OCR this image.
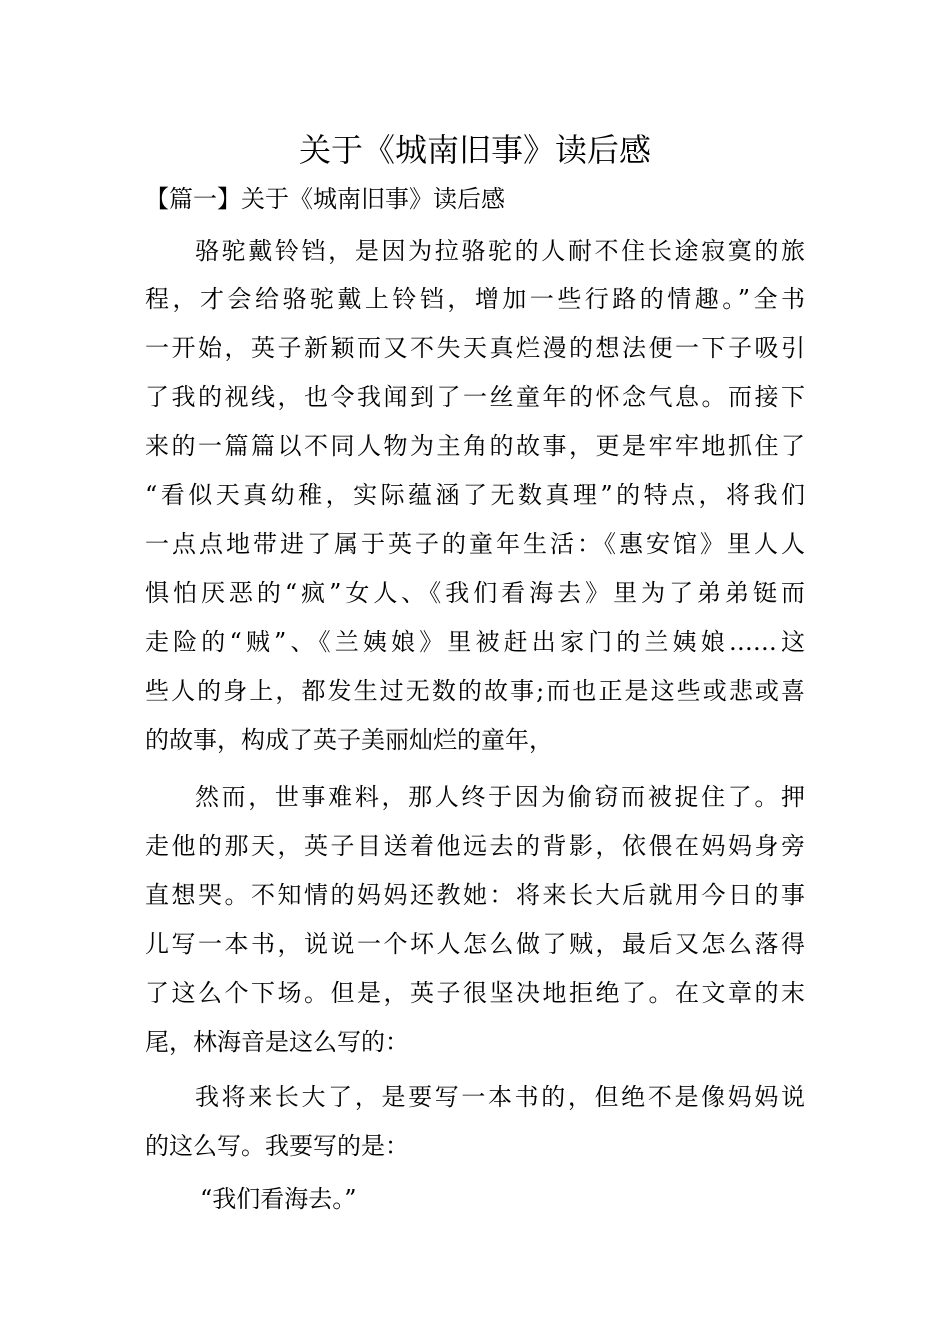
关于《城南旧事》读后感

【篇一】关于《城南旧事》读后感

骆驼戴铃铛，是因为拉骆驼的人耐不住长途寂寞的旅

程，才会给骆驼戴上铃铛，增加一些行路的情趣。”全书

一开始，英子新颖而又不失天真烂漫的想法便一下子吸引

了我的视线，也令我闻到了一丝童年的怀念气息。而接下

来的一篇篇以不同人物为主角的故事，更是牢牢地抓住了

“看似天真幼稚，实际蕴涵了无数真理”的特点，将我们

一点点地带进了属于英子的童年生活：《惠安馆》里人人

惧怕厌恶的“疯”女人、《我们看海去》里为了弟弟铤而

走险的“贼”、《兰姨娘》里被赶出家门的兰姨娘……这

些人的身上，都发生过无数的故事;而也正是这些或悲或喜

的故事，构成了英子美丽灿烂的童年，

然而，世事难料，那人终于因为偷窃而被捉住了。押

走他的那天，英子目送着他远去的背影，依偎在妈妈身旁

直想哭。不知情的妈妈还教她：将来长大后就用今日的事

儿写一本书，说说一个坏人怎么做了贼，最后又怎么落得

了这么个下场。但是，英子很坚决地拒绝了。在文章的末

尾，林海音是这么写的：

我将来长大了，是要写一本书的，但绝不是像妈妈说

的这么写。我要写的是：

“我们看海去。”
